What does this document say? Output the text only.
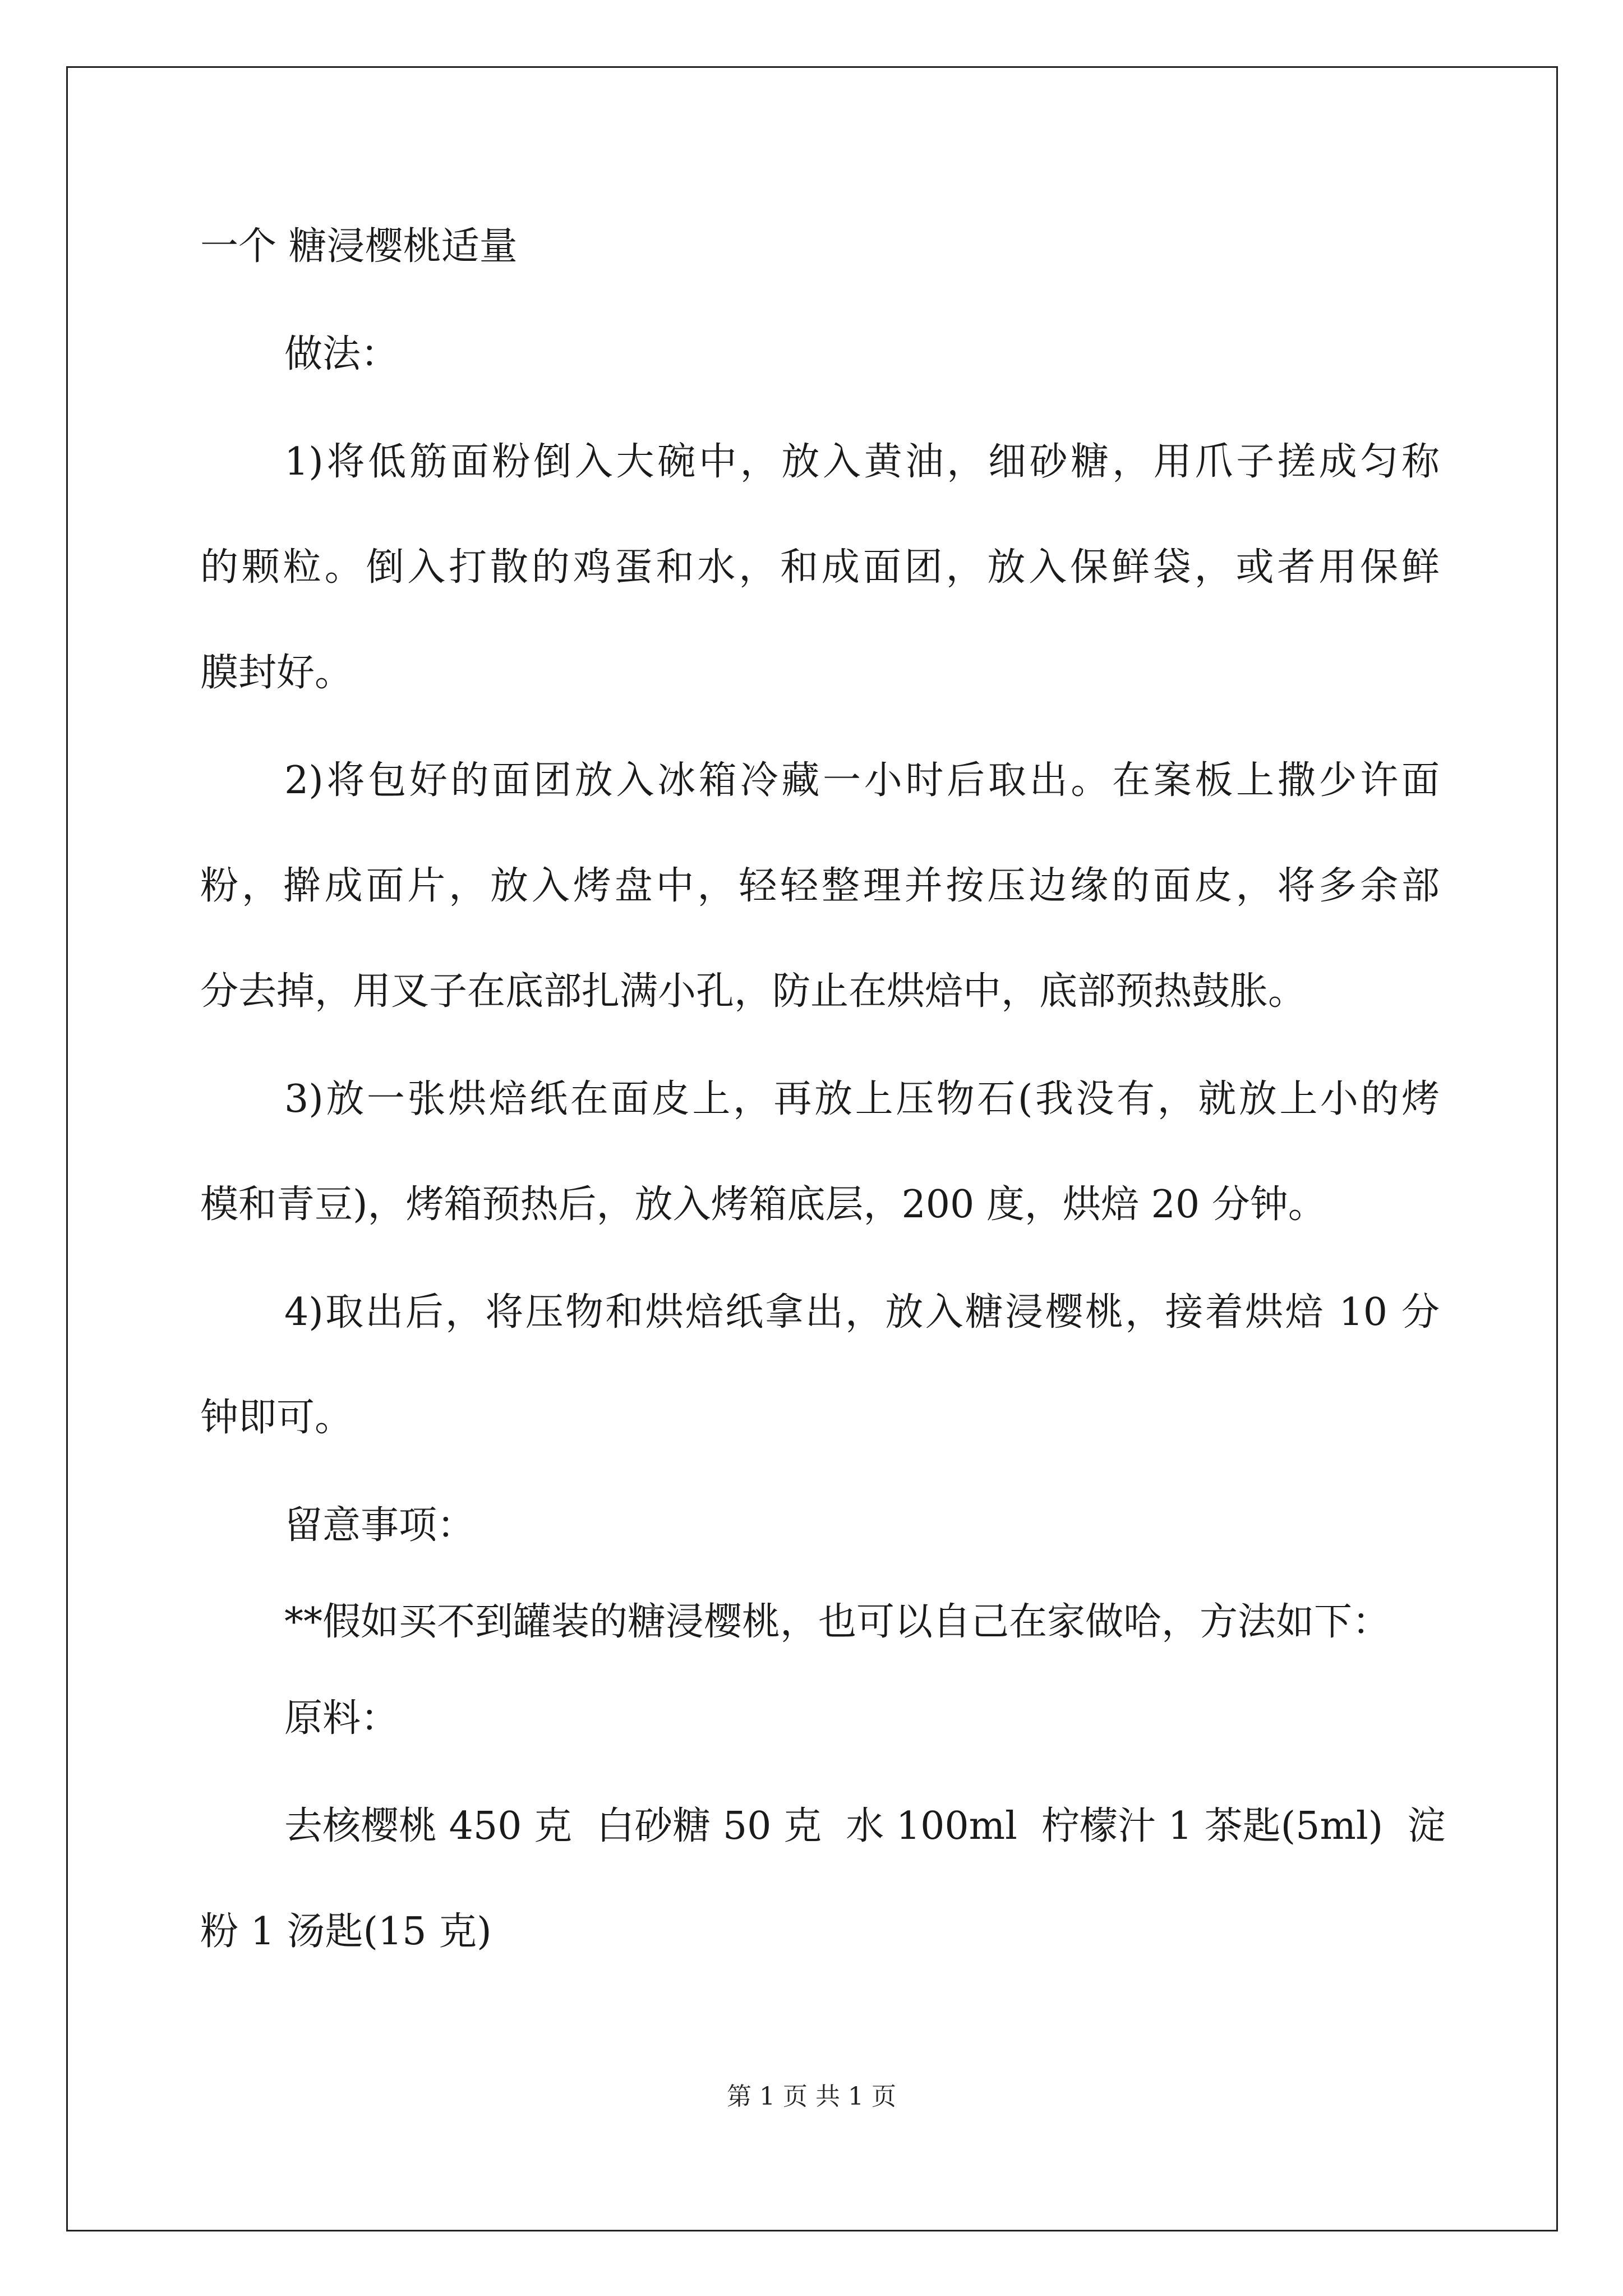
一个 糖浸樱桃适量

做法：

1)将低筋面粉倒入大碗中，放入黄油，细砂糖，用爪子搓成匀称

的颗粒。倒入打散的鸡蛋和水，和成面团，放入保鲜袋，或者用保鲜

膜封好。

2)将包好的面团放入冰箱冷藏一小时后取出。在案板上撒少许面

粉，擀成面片，放入烤盘中，轻轻整理并按压边缘的面皮，将多余部

分去掉，用叉子在底部扎满小孔，防止在烘焙中，底部预热鼓胀。

3)放一张烘焙纸在面皮上，再放上压物石(我没有，就放上小的烤

模和青豆)，烤箱预热后，放入烤箱底层，200 度，烘焙 20 分钟。

4)取出后，将压物和烘焙纸拿出，放入糖浸樱桃，接着烘焙 10 分

钟即可。

留意事项：

**假如买不到罐装的糖浸樱桃，也可以自己在家做哈，方法如下：

原料：

去核樱桃 450 克  白砂糖 50 克  水 100ml  柠檬汁 1 茶匙(5ml)  淀

粉 1 汤匙(15 克)

第 1 页 共 1 页
